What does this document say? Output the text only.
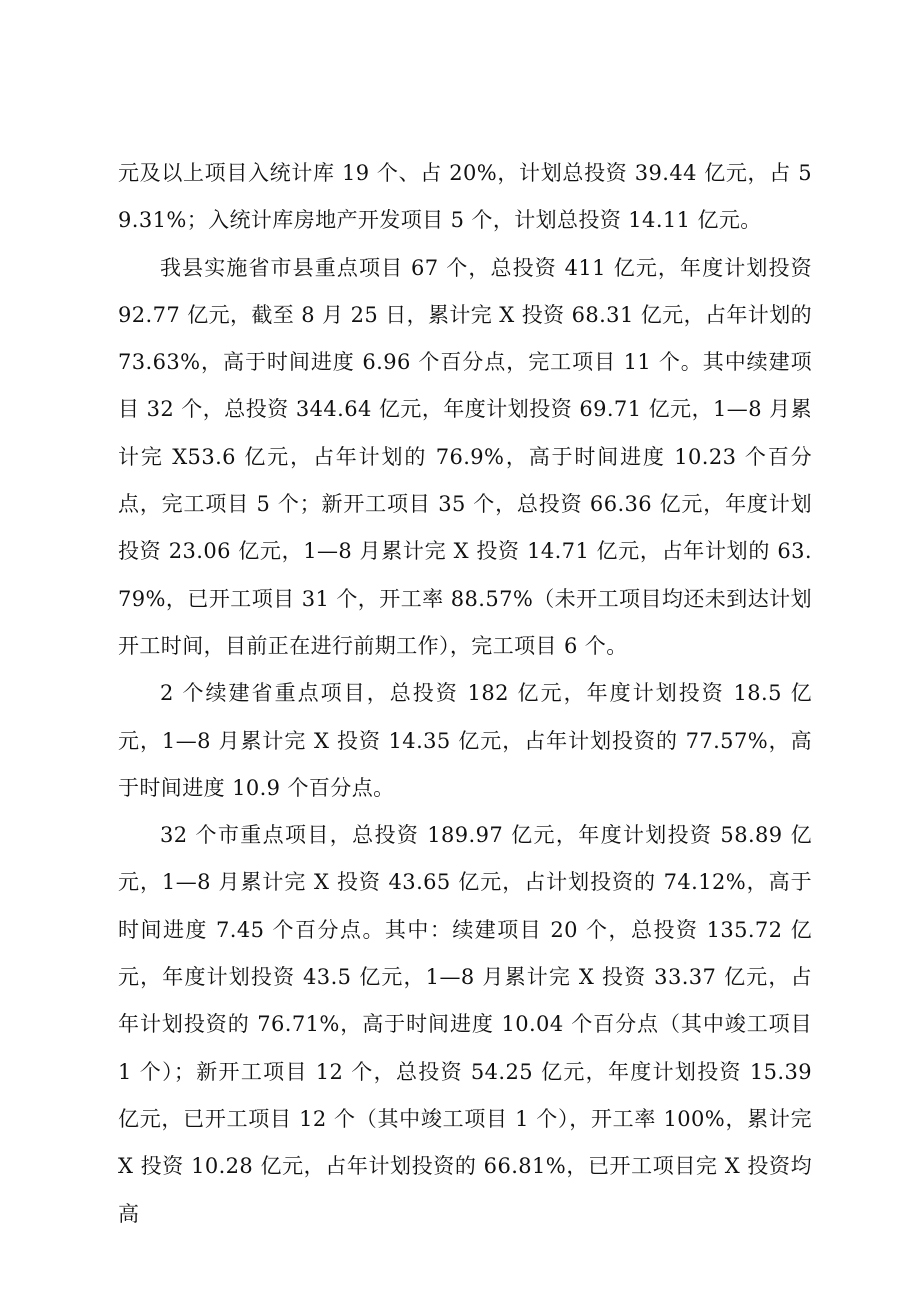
元及以上项目入统计库 19 个、占 20%，计划总投资 39.44 亿元，占 59.31%；入统计库房地产开发项目 5 个，计划总投资 14.11 亿元。

我县实施省市县重点项目 67 个，总投资 411 亿元，年度计划投资 92.77 亿元，截至 8 月 25 日，累计完 X 投资 68.31 亿元，占年计划的 73.63%，高于时间进度 6.96 个百分点，完工项目 11 个。其中续建项目 32 个，总投资 344.64 亿元，年度计划投资 69.71 亿元，1—8 月累计完 X53.6 亿元，占年计划的 76.9%，高于时间进度 10.23 个百分点，完工项目 5 个；新开工项目 35 个，总投资 66.36 亿元，年度计划投资 23.06 亿元，1—8 月累计完 X 投资 14.71 亿元，占年计划的 63.79%，已开工项目 31 个，开工率 88.57%（未开工项目均还未到达计划开工时间，目前正在进行前期工作），完工项目 6 个。

2 个续建省重点项目，总投资 182 亿元，年度计划投资 18.5 亿元，1—8 月累计完 X 投资 14.35 亿元，占年计划投资的 77.57%，高于时间进度 10.9 个百分点。

32 个市重点项目，总投资 189.97 亿元，年度计划投资 58.89 亿元，1—8 月累计完 X 投资 43.65 亿元，占计划投资的 74.12%，高于时间进度 7.45 个百分点。其中：续建项目 20 个，总投资 135.72 亿元，年度计划投资 43.5 亿元，1—8 月累计完 X 投资 33.37 亿元，占年计划投资的 76.71%，高于时间进度 10.04 个百分点（其中竣工项目 1 个）；新开工项目 12 个，总投资 54.25 亿元，年度计划投资 15.39 亿元，已开工项目 12 个（其中竣工项目 1 个），开工率 100%，累计完 X 投资 10.28 亿元，占年计划投资的 66.81%，已开工项目完 X 投资均高
